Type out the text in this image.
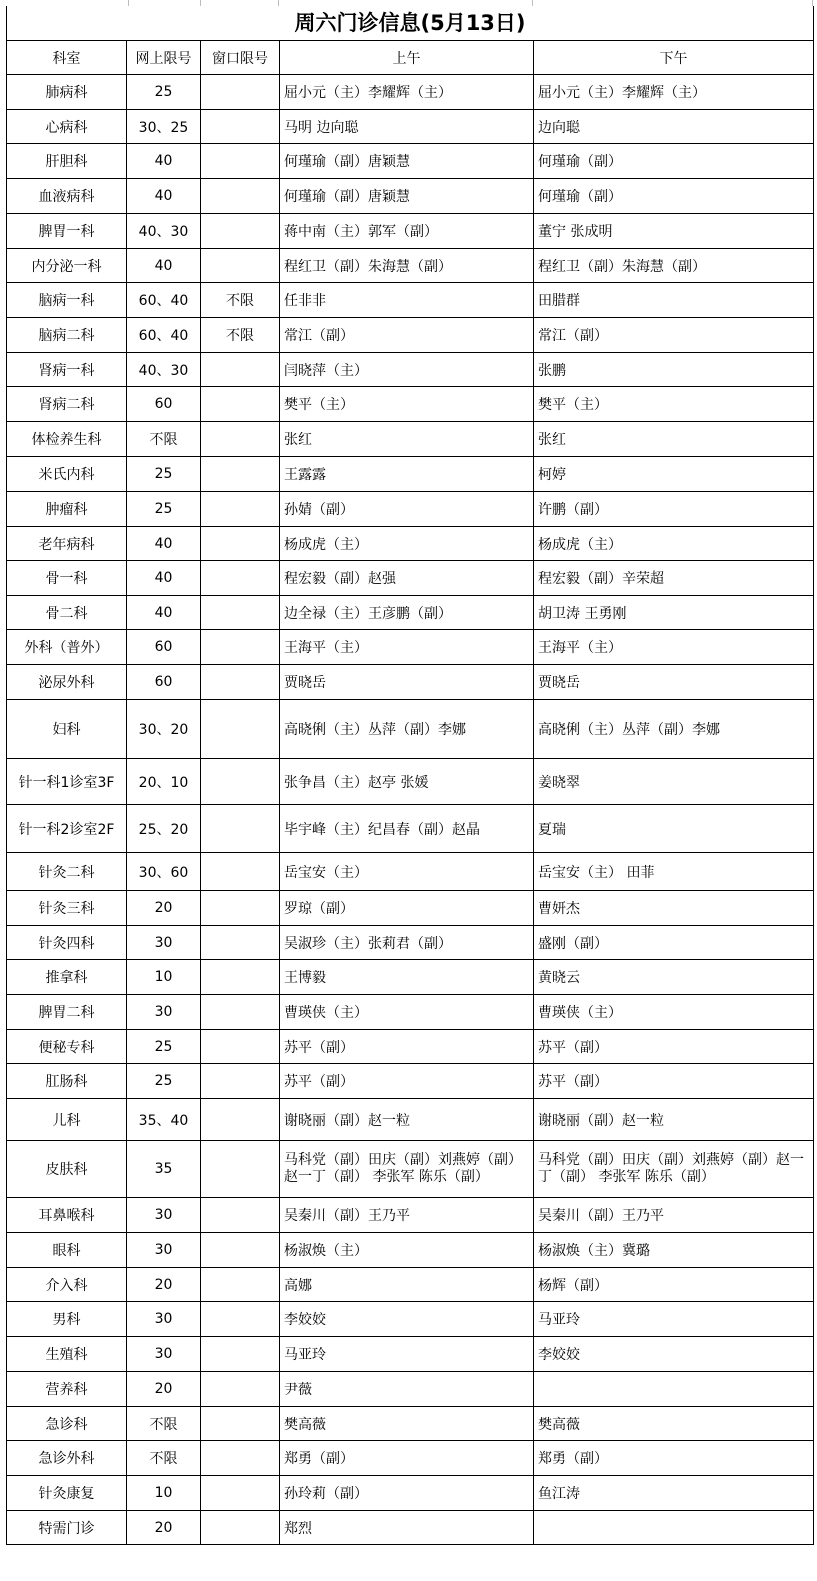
周六门诊信息(5月13日)
科室	网上限号	窗口限号	上午	下午
肺病科	25		屈小元（主）李耀辉（主）	屈小元（主）李耀辉（主）
心病科	30、25		马明 边向聪	边向聪
肝胆科	40		何瑾瑜（副）唐颖慧	何瑾瑜（副）
血液病科	40		何瑾瑜（副）唐颖慧	何瑾瑜（副）
脾胃一科	40、30		蒋中南（主）郭军（副）	董宁 张成明
内分泌一科	40		程红卫（副）朱海慧（副）	程红卫（副）朱海慧（副）
脑病一科	60、40	不限	任非非	田腊群
脑病二科	60、40	不限	常江（副）	常江（副）
肾病一科	40、30		闫晓萍（主）	张鹏
肾病二科	60		樊平（主）	樊平（主）
体检养生科	不限		张红	张红
米氏内科	25		王露露	柯婷
肿瘤科	25		孙婧（副）	许鹏（副）
老年病科	40		杨成虎（主）	杨成虎（主）
骨一科	40		程宏毅（副）赵强	程宏毅（副）辛荣超
骨二科	40		边全禄（主）王彦鹏（副）	胡卫涛 王勇刚
外科（普外）	60		王海平（主）	王海平（主）
泌尿外科	60		贾晓岳	贾晓岳
妇科	30、20		高晓俐（主）丛萍（副）李娜	高晓俐（主）丛萍（副）李娜
针一科1诊室3F	20、10		张争昌（主）赵亭 张媛	姜晓翠
针一科2诊室2F	25、20		毕宇峰（主）纪昌春（副）赵晶	夏瑞
针灸二科	30、60		岳宝安（主）	岳宝安（主） 田菲
针灸三科	20		罗琼（副）	曹妍杰
针灸四科	30		吴淑珍（主）张莉君（副）	盛刚（副）
推拿科	10		王博毅	黄晓云
脾胃二科	30		曹瑛侠（主）	曹瑛侠（主）
便秘专科	25		苏平（副）	苏平（副）
肛肠科	25		苏平（副）	苏平（副）
儿科	35、40		谢晓丽（副）赵一粒	谢晓丽（副）赵一粒
皮肤科	35		马科党（副）田庆（副）刘燕婷（副）赵一丁（副） 李张军 陈乐（副）	马科党（副）田庆（副）刘燕婷（副）赵一丁（副） 李张军 陈乐（副）
耳鼻喉科	30		吴秦川（副）王乃平	吴秦川（副）王乃平
眼科	30		杨淑焕（主）	杨淑焕（主）冀璐
介入科	20		高娜	杨辉（副）
男科	30		李姣姣	马亚玲
生殖科	30		马亚玲	李姣姣
营养科	20		尹薇	
急诊科	不限		樊高薇	樊高薇
急诊外科	不限		郑勇（副）	郑勇（副）
针灸康复	10		孙玲莉（副）	鱼江涛
特需门诊	20		郑烈	
